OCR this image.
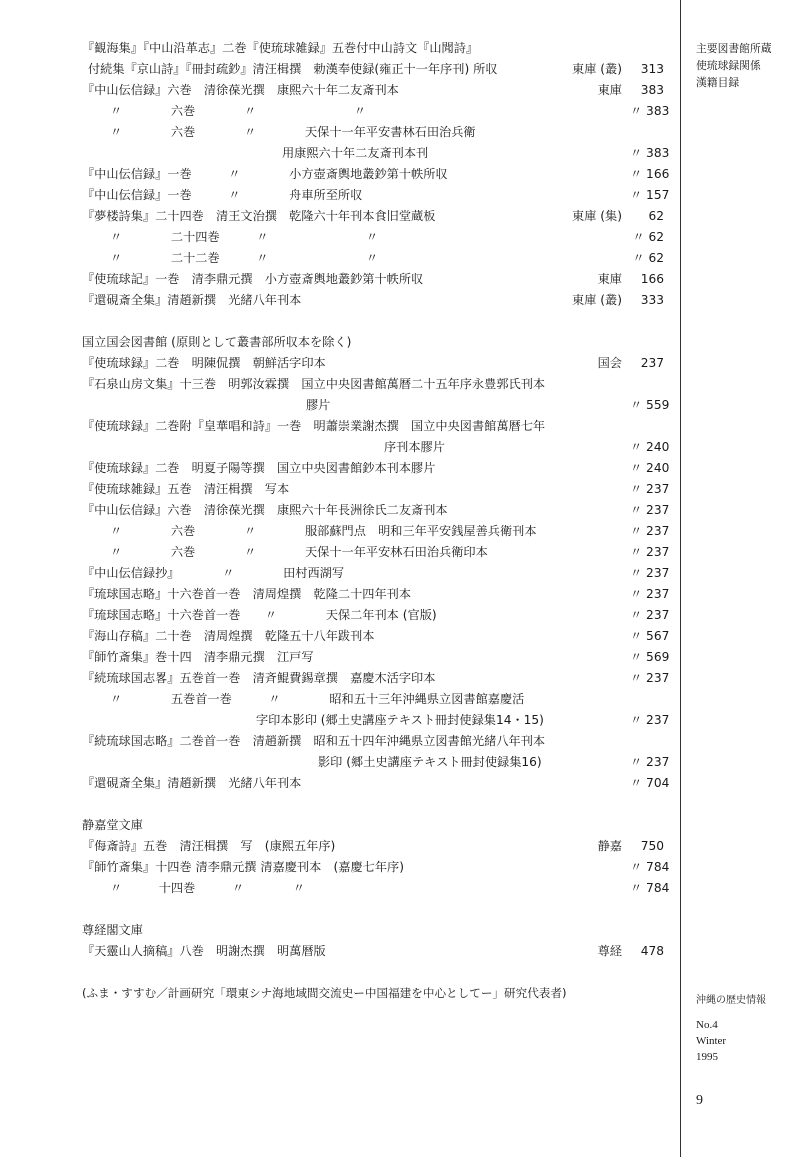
『観海集』『中山沿革志』二巻『使琉球雑録』五巻付中山詩文『山聞詩』
付続集『京山詩』『冊封疏鈔』清汪楫撰　勅漢奉使録(雍正十一年序刊) 所収	東庫 (叢)	313
『中山伝信録』六巻　清徐葆光撰　康熙六十年二友斎刊本	東庫	383
〃　　　　六巻　　　　〃　　　　　　　　〃	〃 383
〃　　　　六巻　　　　〃　　　　天保十一年平安書林石田治兵衛
用康熙六十年二友斎刊本刊	〃 383
『中山伝信録』一巻　　　〃　　　　小方壺斎輿地叢鈔第十帙所収	〃 166
『中山伝信録』一巻　　　〃　　　　舟車所至所収	〃 157
『夢楼詩集』二十四巻　清王文治撰　乾隆六十年刊本食旧堂蔵板	東庫 (集)	62
〃　　　　二十四巻　　　〃　　　　　　　　〃	〃 62
〃　　　　二十二巻　　　〃　　　　　　　　〃	〃 62
『使琉球記』一巻　清李鼎元撰　小方壺斎輿地叢鈔第十帙所収	東庫	166
『還硯斎全集』清趙新撰　光緒八年刊本	東庫 (叢)	333
国立国会図書館 (原則として叢書部所収本を除く)
『使琉球録』二巻　明陳侃撰　朝鮮活字印本	国会	237
『石泉山房文集』十三巻　明郭汝霖撰　国立中央図書館萬暦二十五年序永豊郭氏刊本
膠片	〃 559
『使琉球録』二巻附『皇華唱和詩』一巻　明蕭崇業謝杰撰　国立中央図書館萬暦七年
序刊本膠片	〃 240
『使琉球録』二巻　明夏子陽等撰　国立中央図書館鈔本刊本膠片	〃 240
『使琉球雑録』五巻　清汪楫撰　写本	〃 237
『中山伝信録』六巻　清徐葆光撰　康熙六十年長洲徐氏二友斎刊本	〃 237
〃　　　　六巻　　　　〃　　　　服部蘇門点　明和三年平安銭屋善兵衛刊本	〃 237
〃　　　　六巻　　　　〃　　　　天保十一年平安林石田治兵衛印本	〃 237
『中山伝信録抄』　　　　〃　　　　田村西湖写	〃 237
『琉球国志略』十六巻首一巻　清周煌撰　乾隆二十四年刊本	〃 237
『琉球国志略』十六巻首一巻　　〃　　　　天保二年刊本 (官版)	〃 237
『海山存稿』二十巻　清周煌撰　乾隆五十八年跋刊本	〃 567
『師竹斎集』巻十四　清李鼎元撰　江戸写	〃 569
『続琉球国志畧』五巻首一巻　清斉鯤費錫章撰　嘉慶木活字印本	〃 237
〃　　　　五巻首一巻　　　〃　　　　昭和五十三年沖縄県立図書館嘉慶活
字印本影印 (郷土史講座テキスト冊封使録集14・15)	〃 237
『続琉球国志略』二巻首一巻　清趙新撰　昭和五十四年沖縄県立図書館光緒八年刊本
影印 (郷土史講座テキスト冊封使録集16)	〃 237
『還硯斎全集』清趙新撰　光緒八年刊本	〃 704
静嘉堂文庫
『侮斎詩』五巻　清汪楫撰　写　(康熙五年序)	静嘉	750
『師竹斎集』十四巻 清李鼎元撰 清嘉慶刊本　(嘉慶七年序)	〃 784
〃　　　十四巻　　　〃　　　　〃	〃 784
尊経閣文庫
『天靈山人摘稿』八巻　明謝杰撰　明萬暦版	尊経	478
(ふま・すすむ／計画研究「環東シナ海地域間交流史ー中国福建を中心としてー」研究代表者)
主要図書館所蔵
使琉球録関係
漢籍目録
沖縄の歴史情報
No.4
Winter
1995
9
